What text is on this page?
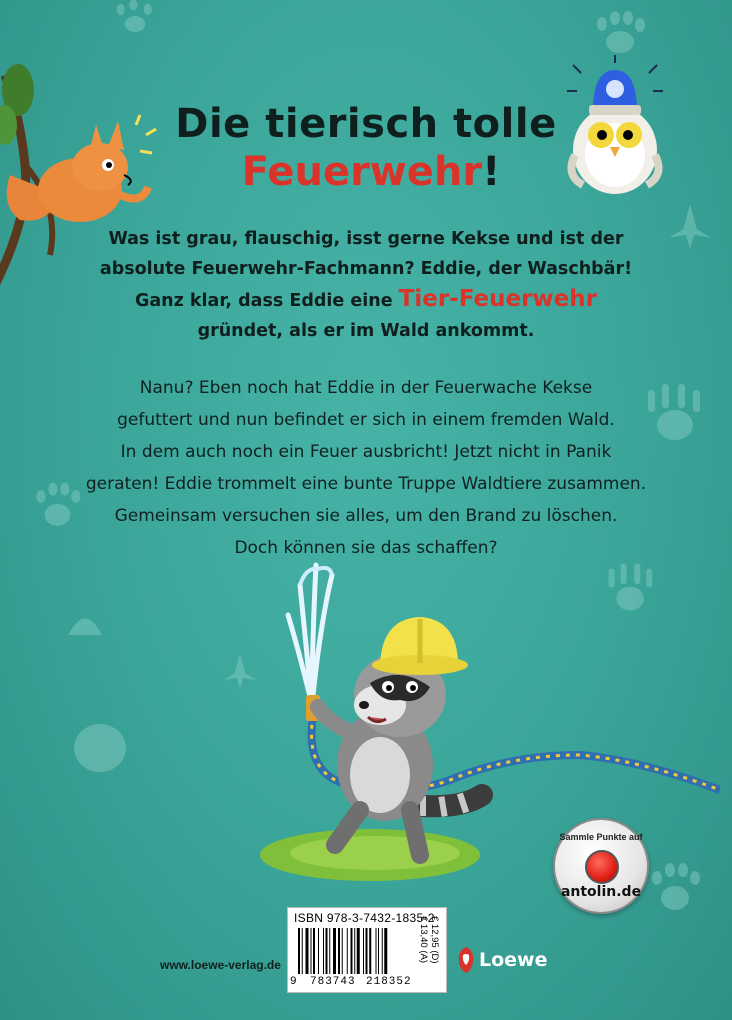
Die tierisch tolle
Feuerwehr!
Was ist grau, flauschig, isst gerne Kekse und ist der
absolute Feuerwehr-Fachmann? Eddie, der Waschbär!
Ganz klar, dass Eddie eine Tier-Feuerwehr
gründet, als er im Wald ankommt.
Nanu? Eben noch hat Eddie in der Feuerwache Kekse
gefuttert und nun befindet er sich in einem fremden Wald.
In dem auch noch ein Feuer ausbricht! Jetzt nicht in Panik
geraten! Eddie trommelt eine bunte Truppe Waldtiere zusammen.
Gemeinsam versuchen sie alles, um den Brand zu löschen.
Doch können sie das schaffen?
Sammle Punkte auf
antolin.de
www.loewe-verlag.de
ISBN 978-3-7432-1835-2
9 783743 218352
€ 12,95 (D)
€ 13,40 (A)	Loewe
